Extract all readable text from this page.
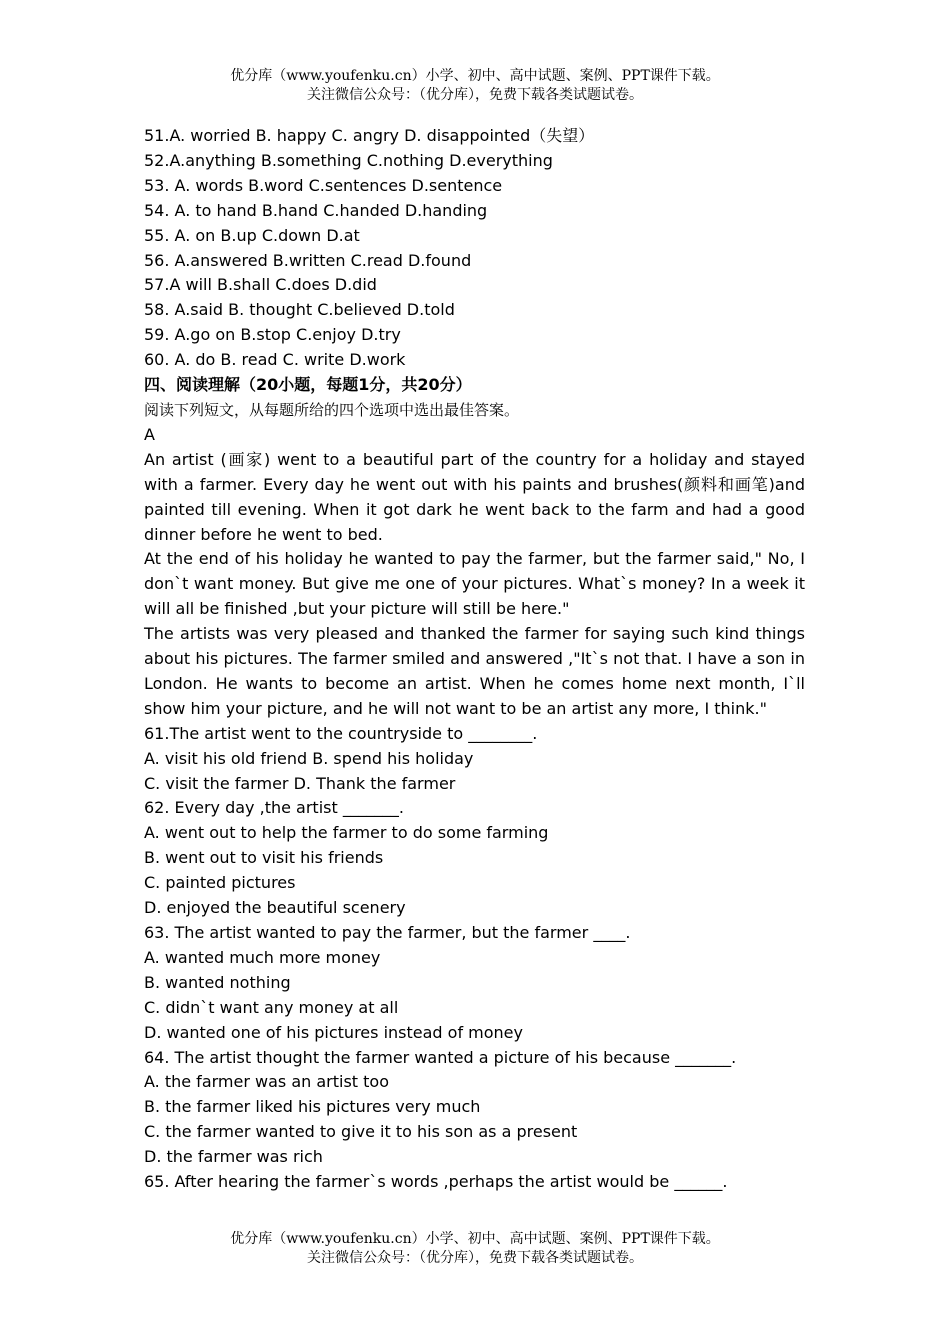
优分库（www.youfenku.cn）小学、初中、高中试题、案例、PPT课件下载。
关注微信公众号：（优分库），免费下载各类试题试卷。
51.A. worried B. happy C. angry D. disappointed（失望）
52.A.anything B.something C.nothing D.everything
53. A. words B.word C.sentences D.sentence
54. A. to hand B.hand C.handed D.handing
55. A. on B.up C.down D.at
56. A.answered B.written C.read D.found
57.A will B.shall C.does D.did
58. A.said B. thought C.believed D.told
59. A.go on B.stop C.enjoy D.try
60. A. do B. read C. write D.work
四、阅读理解（20小题，每题1分，共20分）
阅读下列短文，从每题所给的四个选项中选出最佳答案。
A
An artist (画家) went to a beautiful part of the country for a holiday and stayed with a farmer. Every day he went out with his paints and brushes(颜料和画笔)and painted till evening. When it got dark he went back to the farm and had a good dinner before he went to bed.
At the end of his holiday he wanted to pay the farmer, but the farmer said," No, I don`t want money. But give me one of your pictures. What`s money? In a week it will all be finished ,but your picture will still be here."
The artists was very pleased and thanked the farmer for saying such kind things about his pictures. The farmer smiled and answered ,"It`s not that. I have a son in London. He wants to become an artist. When he comes home next month, I`ll show him your picture, and he will not want to be an artist any more, I think."
61.The artist went to the countryside to ________.
A. visit his old friend B. spend his holiday
C. visit the farmer D. Thank the farmer
62. Every day ,the artist _______.
A. went out to help the farmer to do some farming
B. went out to visit his friends
C. painted pictures
D. enjoyed the beautiful scenery
63. The artist wanted to pay the farmer, but the farmer ____.
A. wanted much more money
B. wanted nothing
C. didn`t want any money at all
D. wanted one of his pictures instead of money
64. The artist thought the farmer wanted a picture of his because _______.
A. the farmer was an artist too
B. the farmer liked his pictures very much
C. the farmer wanted to give it to his son as a present
D. the farmer was rich
65. After hearing the farmer`s words ,perhaps the artist would be ______.
优分库（www.youfenku.cn）小学、初中、高中试题、案例、PPT课件下载。
关注微信公众号：（优分库），免费下载各类试题试卷。
